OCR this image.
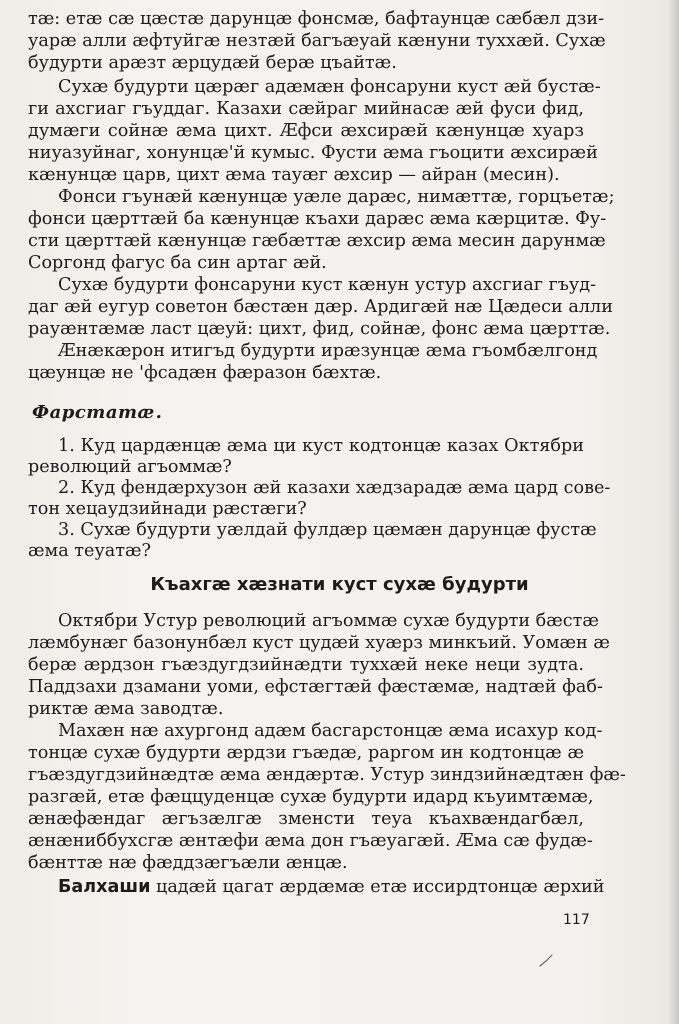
тӕ: етӕ сӕ цӕстӕ дарунцӕ фонсмӕ, бафтаунцӕ сӕбӕл дзи-
уарӕ алли ӕфтуйгӕ незтӕй багъӕуай кӕнуни туххӕй. Сухӕ
будурти арӕзт ӕрцудӕй берӕ цъайтӕ.
Сухӕ будурти цӕрӕг адӕмӕн фонсаруни куст ӕй бустӕ-
ги ахсгиаг гъуддаг. Казахи сӕйраг мийнасӕ ӕй фуси фид,
думӕги сойнӕ ӕма цихт. Ӕфси ӕхсирӕй кӕнунцӕ хуарз
ниуазуйнаг, хонунцӕ'й кумыс. Фусти ӕма гъоцити ӕхсирӕй
кӕнунцӕ царв, цихт ӕма тауӕг ӕхсир — айран (месин).
Фонси гъунӕй кӕнунцӕ уӕле дарӕс, нимӕттӕ, горцъетӕ;
фонси цӕрттӕй ба кӕнунцӕ къахи дарӕс ӕма кӕрцитӕ. Фу-
сти цӕрттӕй кӕнунцӕ гӕбӕттӕ ӕхсир ӕма месин дарунмӕ
Соргонд фагус ба син артаг ӕй.
Сухӕ будурти фонсаруни куст кӕнун устур ахсгиаг гъуд-
даг ӕй еугур советон бӕстӕн дӕр. Ардигӕй нӕ Цӕдеси алли
рауӕнтӕмӕ ласт цӕуй: цихт, фид, сойнӕ, фонс ӕма цӕрттӕ.
Ӕнӕкӕрон итигъд будурти ирӕзунцӕ ӕма гъомбӕлгонд
цӕунцӕ не 'фсадӕн фӕразон бӕхтӕ.
Фарстатӕ.
1. Куд цардӕнцӕ ӕма ци куст кодтонцӕ казах Октябри
революций агъоммӕ?
2. Куд фендӕрхузон ӕй казахи хӕдзарадӕ ӕма цард сове-
тон хецаудзийнади рӕстӕги?
3. Сухӕ будурти уӕлдай фулдӕр цӕмӕн дарунцӕ фустӕ
ӕма теуатӕ?
Къахгӕ хӕзнати куст сухӕ будурти
Октябри Устур революций агъоммӕ сухӕ будурти бӕстӕ
лӕмбунӕг базонунбӕл куст цудӕй хуӕрз минкъий. Уомӕн ӕ
берӕ ӕрдзон гъӕздугдзийнӕдти туххӕй неке неци зудта.
Паддзахи дзамани уоми, ефстӕгтӕй фӕстӕмӕ, надтӕй фаб-
риктӕ ӕма заводтӕ.
Махӕн нӕ ахургонд адӕм басгарстонцӕ ӕма исахур код-
тонцӕ сухӕ будурти ӕрдзи гъӕдӕ, раргом ин кодтонцӕ ӕ
гъӕздугдзийнӕдтӕ ӕма ӕндӕртӕ. Устур зиндзийнӕдтӕн фӕ-
разгӕй, етӕ фӕццуденцӕ сухӕ будурти идард къуимтӕмӕ,
ӕнӕфӕндаг ӕгъзӕлгӕ зменсти теуа къахвӕндагбӕл,
ӕнӕниббухсгӕ ӕнтӕфи ӕма дон гъӕуагӕй. Ӕма сӕ фудӕ-
бӕнттӕ нӕ фӕддзӕгъӕли ӕнцӕ.
Балхаши цадӕй цагат ӕрдӕмӕ етӕ иссирдтонцӕ ӕрхий
117
